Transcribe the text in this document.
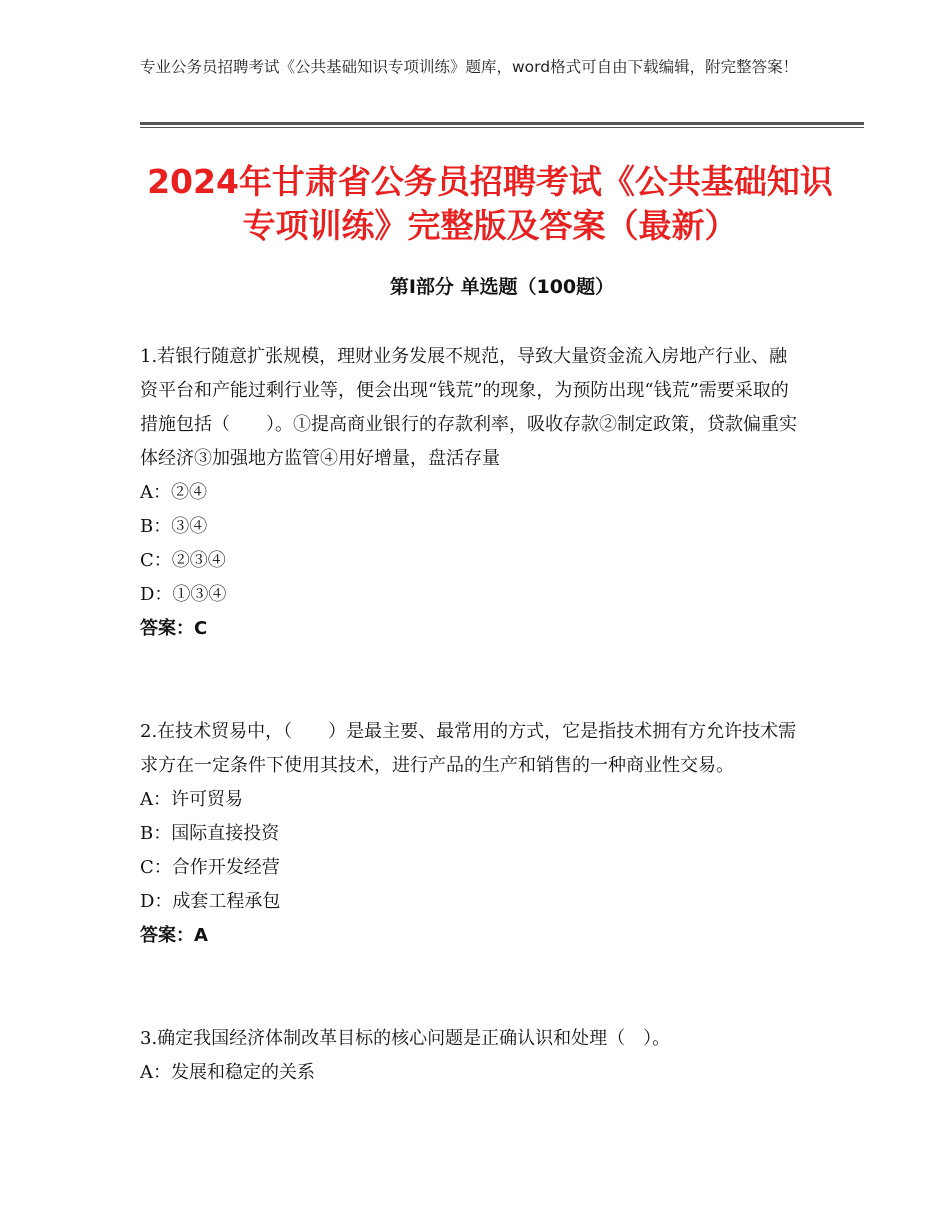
专业公务员招聘考试《公共基础知识专项训练》题库，word格式可自由下载编辑，附完整答案！
2024年甘肃省公务员招聘考试《公共基础知识专项训练》完整版及答案（最新）
第Ⅰ部分 单选题（100题）

1.若银行随意扩张规模，理财业务发展不规范，导致大量资金流入房地产行业、融资平台和产能过剩行业等，便会出现“钱荒”的现象，为预防出现“钱荒”需要采取的措施包括（　　）。①提高商业银行的存款利率，吸收存款②制定政策，贷款偏重实体经济③加强地方监管④用好增量，盘活存量

A：②④

B：③④

C：②③④

D：①③④

答案：C

2.在技术贸易中，（　　）是最主要、最常用的方式，它是指技术拥有方允许技术需求方在一定条件下使用其技术，进行产品的生产和销售的一种商业性交易。

A：许可贸易

B：国际直接投资

C：合作开发经营

D：成套工程承包

答案：A

3.确定我国经济体制改革目标的核心问题是正确认识和处理（　）。

A：发展和稳定的关系
